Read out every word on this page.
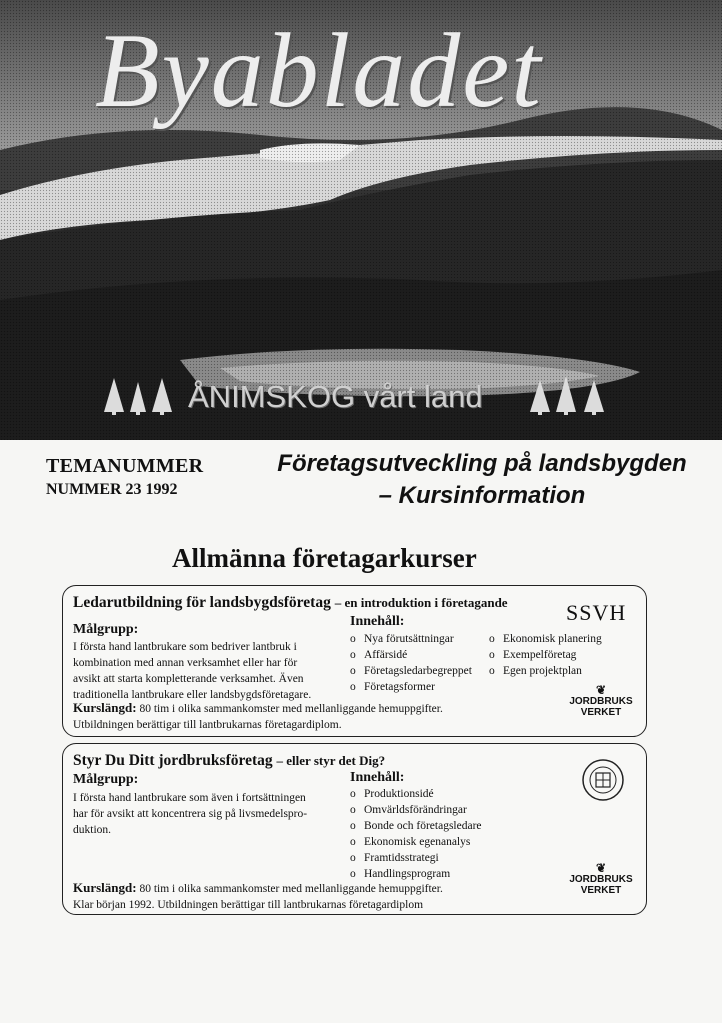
Byabladet
ÅNIMSKOG vårt land
TEMANUMMER
NUMMER 23 1992
Företagsutveckling på landsbygden
– Kursinformation
Allmänna företagarkurser
Ledarutbildning för landsbygdsföretag – en introduktion i företagande	SSVH
Målgrupp:
I första hand lantbrukare som bedriver lantbruk i
kombination med annan verksamhet eller har för
avsikt att starta kompletterande verksamhet. Även
traditionella lantbrukare eller landsbygdsföretagare.
Innehåll:
o Nya förutsättningar
o Affärsidé
o Företagsledarbegreppet
o Företagsformer
o Ekonomisk planering
o Exempelföretag
o Egen projektplan
Kurslängd: 80 tim i olika sammankomster med mellanliggande hemuppgifter.
Utbildningen berättigar till lantbrukarnas företagardiplom.
❦
JORDBRUKS
VERKET
Styr Du Ditt jordbruksföretag – eller styr det Dig?
Målgrupp:
I första hand lantbrukare som även i fortsättningen
har för avsikt att koncentrera sig på livsmedelspro-
duktion.
Innehåll:
o Produktionsidé
o Omvärldsförändringar
o Bonde och företagsledare
o Ekonomisk egenanalys
o Framtidsstrategi
o Handlingsprogram
Kurslängd: 80 tim i olika sammankomster med mellanliggande hemuppgifter.
Klar början 1992. Utbildningen berättigar till lantbrukarnas företagardiplom
❦
JORDBRUKS
VERKET
